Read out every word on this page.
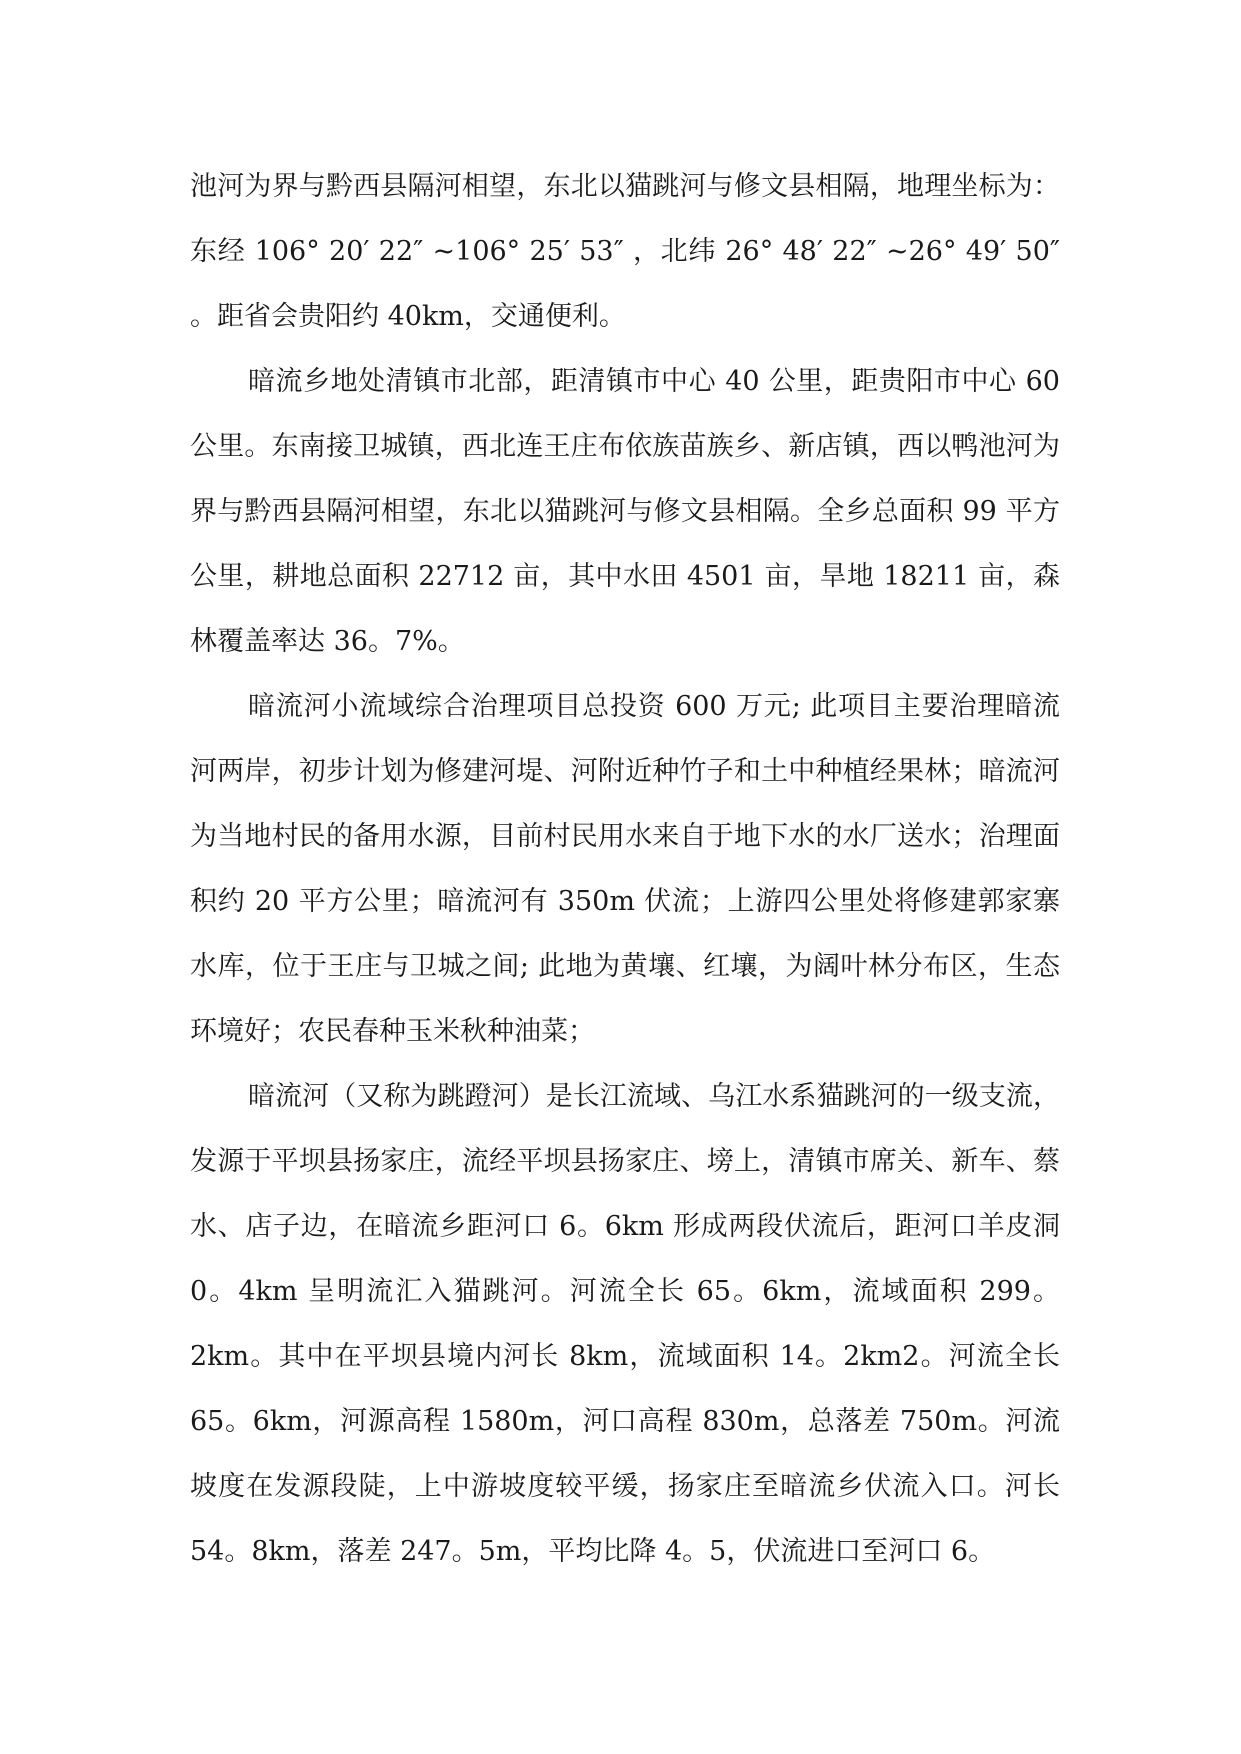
池河为界与黔西县隔河相望，东北以猫跳河与修文县相隔，地理坐标为：东经 106° 20′ 22″ ~106° 25′ 53″ ，北纬 26° 48′ 22″ ~26° 49′ 50″ 。距省会贵阳约 40km，交通便利。

暗流乡地处清镇市北部，距清镇市中心 40 公里，距贵阳市中心 60 公里。东南接卫城镇，西北连王庄布依族苗族乡、新店镇，西以鸭池河为界与黔西县隔河相望，东北以猫跳河与修文县相隔。全乡总面积 99 平方公里，耕地总面积 22712 亩，其中水田 4501 亩，旱地 18211 亩，森林覆盖率达 36。7%。

暗流河小流域综合治理项目总投资 600 万元; 此项目主要治理暗流河两岸，初步计划为修建河堤、河附近种竹子和土中种植经果林；暗流河为当地村民的备用水源，目前村民用水来自于地下水的水厂送水；治理面积约 20 平方公里；暗流河有 350m 伏流；上游四公里处将修建郭家寨水库，位于王庄与卫城之间; 此地为黄壤、红壤，为阔叶林分布区，生态环境好；农民春种玉米秋种油菜；

暗流河（又称为跳蹬河）是长江流域、乌江水系猫跳河的一级支流，发源于平坝县扬家庄，流经平坝县扬家庄、塝上，清镇市席关、新车、蔡水、店子边，在暗流乡距河口 6。6km 形成两段伏流后，距河口羊皮洞 0。4km 呈明流汇入猫跳河。河流全长 65。6km，流域面积 299。2km。其中在平坝县境内河长 8km，流域面积 14。2km2。河流全长 65。6km，河源高程 1580m，河口高程 830m，总落差 750m。河流坡度在发源段陡，上中游坡度较平缓，扬家庄至暗流乡伏流入口。河长 54。8km，落差 247。5m，平均比降 4。5，伏流进口至河口 6。
